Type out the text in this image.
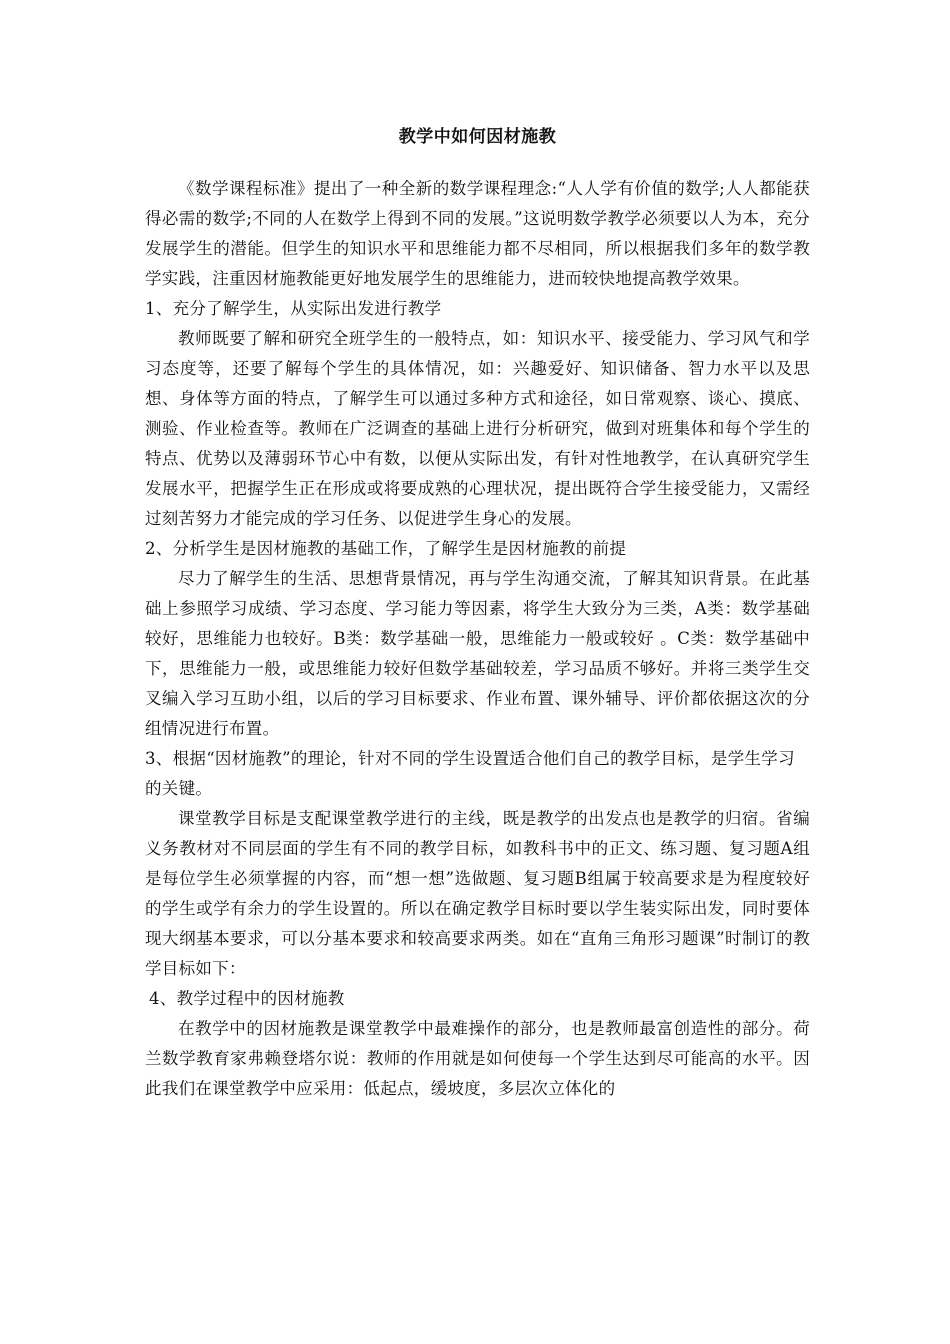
教学中如何因材施教

《数学课程标准》提出了一种全新的数学课程理念:“人人学有价值的数学;人人都能获得必需的数学;不同的人在数学上得到不同的发展。”这说明数学教学必须要以人为本，充分发展学生的潜能。但学生的知识水平和思维能力都不尽相同，所以根据我们多年的数学教学实践，注重因材施教能更好地发展学生的思维能力，进而较快地提高教学效果。

1、充分了解学生，从实际出发进行教学

教师既要了解和研究全班学生的一般特点，如：知识水平、接受能力、学习风气和学习态度等，还要了解每个学生的具体情况，如：兴趣爱好、知识储备、智力水平以及思想、身体等方面的特点，了解学生可以通过多种方式和途径，如日常观察、谈心、摸底、测验、作业检查等。教师在广泛调查的基础上进行分析研究，做到对班集体和每个学生的特点、优势以及薄弱环节心中有数，以便从实际出发，有针对性地教学，在认真研究学生发展水平，把握学生正在形成或将要成熟的心理状况，提出既符合学生接受能力，又需经过刻苦努力才能完成的学习任务、以促进学生身心的发展。

2、分析学生是因材施教的基础工作，了解学生是因材施教的前提

尽力了解学生的生活、思想背景情况，再与学生沟通交流，了解其知识背景。在此基础上参照学习成绩、学习态度、学习能力等因素，将学生大致分为三类，A类：数学基础较好，思维能力也较好。B类：数学基础一般，思维能力一般或较好 。C类：数学基础中下，思维能力一般，或思维能力较好但数学基础较差，学习品质不够好。并将三类学生交叉编入学习互助小组，以后的学习目标要求、作业布置、课外辅导、评价都依据这次的分组情况进行布置。

3、根据“因材施教”的理论，针对不同的学生设置适合他们自己的教学目标，是学生学习的关键。

课堂教学目标是支配课堂教学进行的主线，既是教学的出发点也是教学的归宿。省编义务教材对不同层面的学生有不同的教学目标，如教科书中的正文、练习题、复习题A组是每位学生必须掌握的内容，而“想一想”选做题、复习题B组属于较高要求是为程度较好的学生或学有余力的学生设置的。所以在确定教学目标时要以学生装实际出发，同时要体现大纲基本要求，可以分基本要求和较高要求两类。如在“直角三角形习题课”时制订的教学目标如下：

4、教学过程中的因材施教

在教学中的因材施教是课堂教学中最难操作的部分，也是教师最富创造性的部分。荷兰数学教育家弗赖登塔尔说：教师的作用就是如何使每一个学生达到尽可能高的水平。因此我们在课堂教学中应采用：低起点，缓坡度，多层次立体化的
